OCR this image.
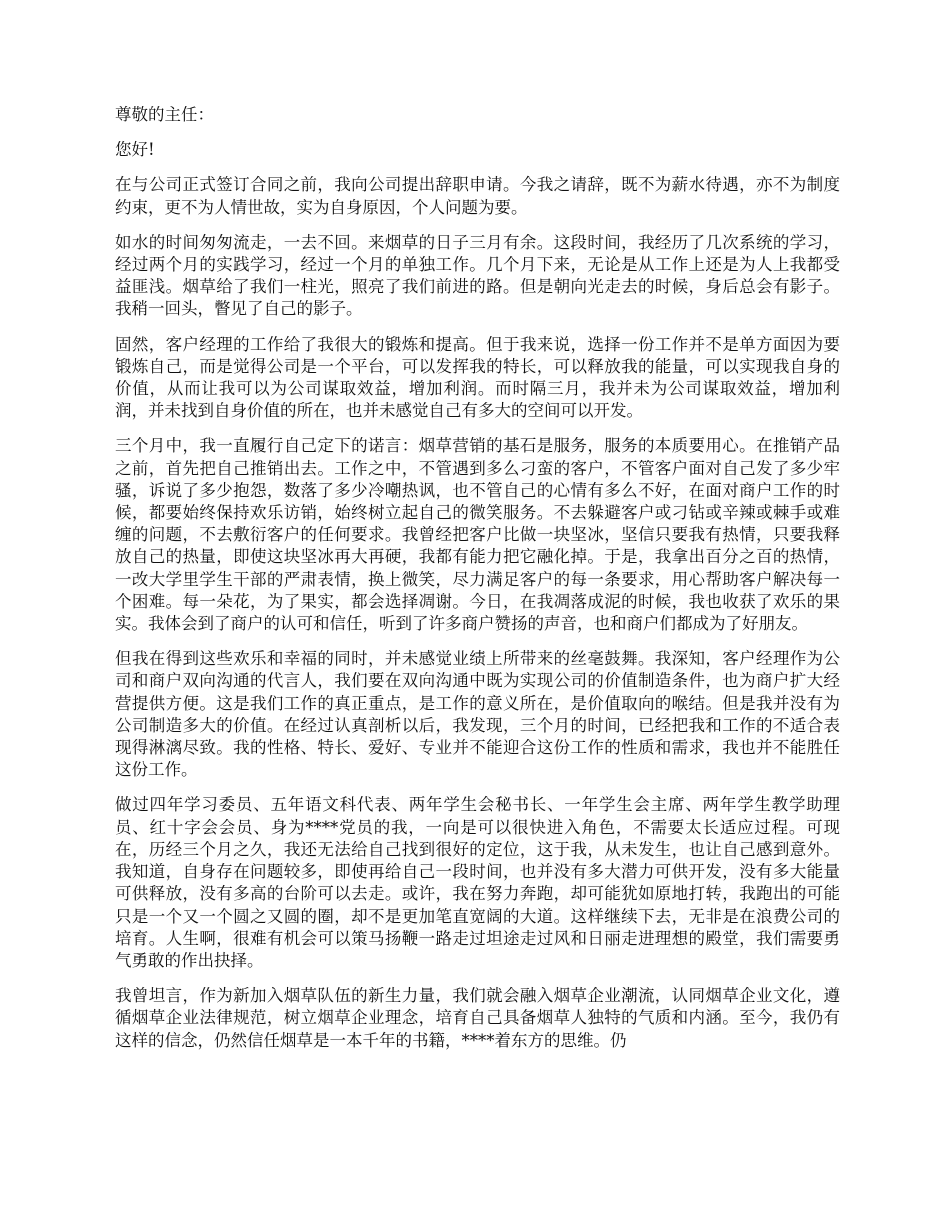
尊敬的主任：

您好!

在与公司正式签订合同之前，我向公司提出辞职申请。今我之请辞，既不为薪水待遇，亦不为制度约束，更不为人情世故，实为自身原因，个人问题为要。

如水的时间匆匆流走，一去不回。来烟草的日子三月有余。这段时间，我经历了几次系统的学习，经过两个月的实践学习，经过一个月的单独工作。几个月下来，无论是从工作上还是为人上我都受益匪浅。烟草给了我们一柱光，照亮了我们前进的路。但是朝向光走去的时候，身后总会有影子。我稍一回头，瞥见了自己的影子。

固然，客户经理的工作给了我很大的锻炼和提高。但于我来说，选择一份工作并不是单方面因为要锻炼自己，而是觉得公司是一个平台，可以发挥我的特长，可以释放我的能量，可以实现我自身的价值，从而让我可以为公司谋取效益，增加利润。而时隔三月，我并未为公司谋取效益，增加利润，并未找到自身价值的所在，也并未感觉自己有多大的空间可以开发。

三个月中，我一直履行自己定下的诺言：烟草营销的基石是服务，服务的本质要用心。在推销产品之前，首先把自己推销出去。工作之中，不管遇到多么刁蛮的客户，不管客户面对自己发了多少牢骚，诉说了多少抱怨，数落了多少冷嘲热讽，也不管自己的心情有多么不好，在面对商户工作的时候，都要始终保持欢乐访销，始终树立起自己的微笑服务。不去躲避客户或刁钻或辛辣或棘手或难缠的问题，不去敷衍客户的任何要求。我曾经把客户比做一块坚冰，坚信只要我有热情，只要我释放自己的热量，即使这块坚冰再大再硬，我都有能力把它融化掉。于是，我拿出百分之百的热情，一改大学里学生干部的严肃表情，换上微笑，尽力满足客户的每一条要求，用心帮助客户解决每一个困难。每一朵花，为了果实，都会选择凋谢。今日，在我凋落成泥的时候，我也收获了欢乐的果实。我体会到了商户的认可和信任，听到了许多商户赞扬的声音，也和商户们都成为了好朋友。

但我在得到这些欢乐和幸福的同时，并未感觉业绩上所带来的丝毫鼓舞。我深知，客户经理作为公司和商户双向沟通的代言人，我们要在双向沟通中既为实现公司的价值制造条件，也为商户扩大经营提供方便。这是我们工作的真正重点，是工作的意义所在，是价值取向的喉结。但是我并没有为公司制造多大的价值。在经过认真剖析以后，我发现，三个月的时间，已经把我和工作的不适合表现得淋漓尽致。我的性格、特长、爱好、专业并不能迎合这份工作的性质和需求，我也并不能胜任这份工作。

做过四年学习委员、五年语文科代表、两年学生会秘书长、一年学生会主席、两年学生教学助理员、红十字会会员、身为****党员的我，一向是可以很快进入角色，不需要太长适应过程。可现在，历经三个月之久，我还无法给自己找到很好的定位，这于我，从未发生，也让自己感到意外。我知道，自身存在问题较多，即使再给自己一段时间，也并没有多大潜力可供开发，没有多大能量可供释放，没有多高的台阶可以去走。或许，我在努力奔跑，却可能犹如原地打转，我跑出的可能只是一个又一个圆之又圆的圈，却不是更加笔直宽阔的大道。这样继续下去，无非是在浪费公司的培育。人生啊，很难有机会可以策马扬鞭一路走过坦途走过风和日丽走进理想的殿堂，我们需要勇气勇敢的作出抉择。

我曾坦言，作为新加入烟草队伍的新生力量，我们就会融入烟草企业潮流，认同烟草企业文化，遵循烟草企业法律规范，树立烟草企业理念，培育自己具备烟草人独特的气质和内涵。至今，我仍有这样的信念，仍然信任烟草是一本千年的书籍，****着东方的思维。仍
